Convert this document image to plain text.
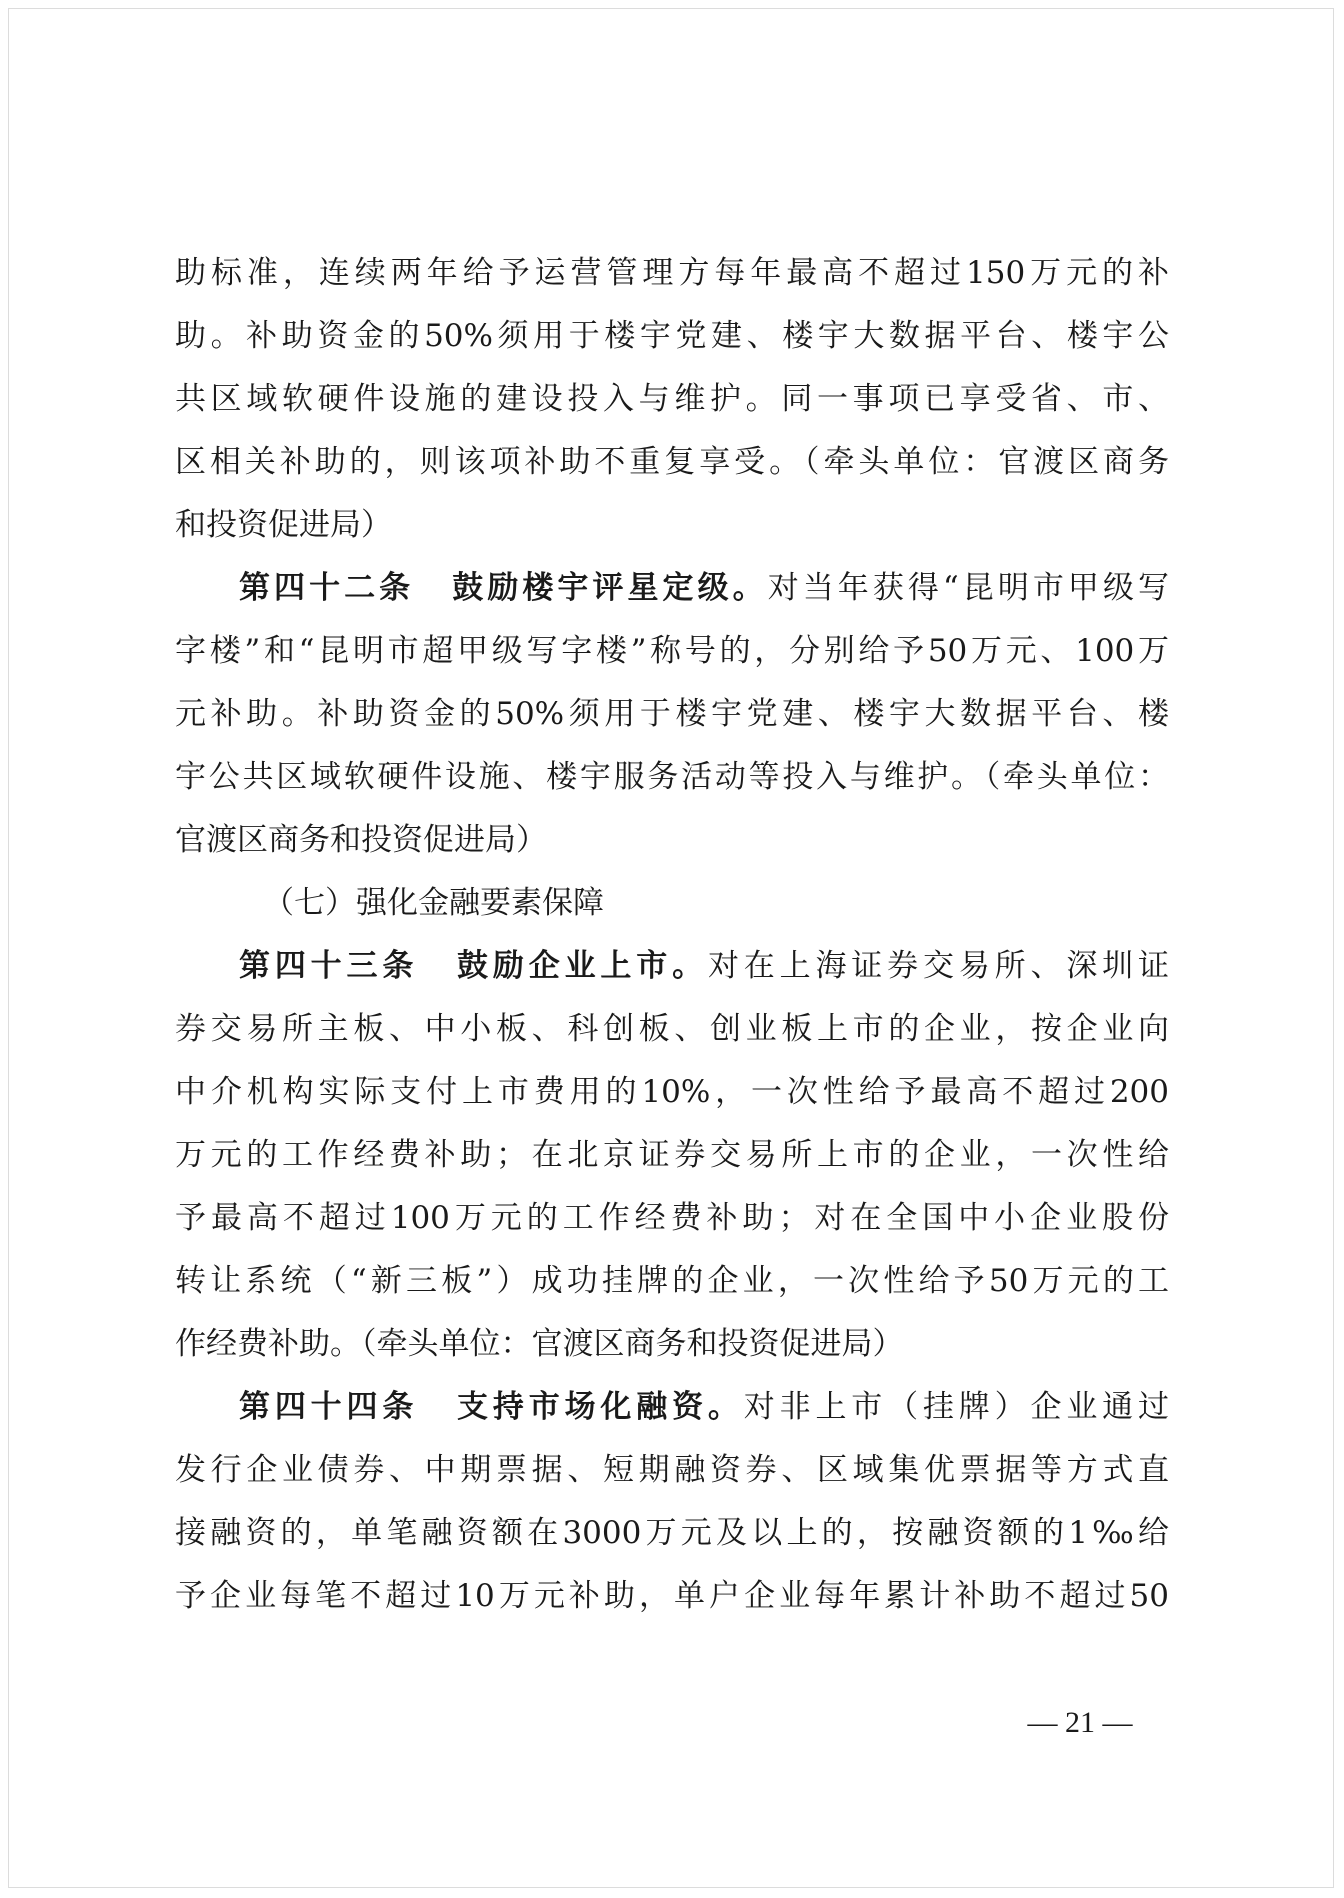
助标准，连续两年给予运营管理方每年最高不超过150万元的补
助。补助资金的50%须用于楼宇党建、楼宇大数据平台、楼宇公
共区域软硬件设施的建设投入与维护。同一事项已享受省、市、
区相关补助的，则该项补助不重复享受。（牵头单位：官渡区商务
和投资促进局）
第四十二条 鼓励楼宇评星定级。对当年获得“昆明市甲级写
字楼”和“昆明市超甲级写字楼”称号的，分别给予50万元、100万
元补助。补助资金的50%须用于楼宇党建、楼宇大数据平台、楼
宇公共区域软硬件设施、楼宇服务活动等投入与维护。（牵头单位：
官渡区商务和投资促进局）
（七）强化金融要素保障
第四十三条 鼓励企业上市。对在上海证券交易所、深圳证
券交易所主板、中小板、科创板、创业板上市的企业，按企业向
中介机构实际支付上市费用的10%，一次性给予最高不超过200
万元的工作经费补助；在北京证券交易所上市的企业，一次性给
予最高不超过100万元的工作经费补助；对在全国中小企业股份
转让系统（“新三板”）成功挂牌的企业，一次性给予50万元的工
作经费补助。（牵头单位：官渡区商务和投资促进局）
第四十四条 支持市场化融资。对非上市（挂牌）企业通过
发行企业债券、中期票据、短期融资券、区域集优票据等方式直
接融资的，单笔融资额在3000万元及以上的，按融资额的1‰给
予企业每笔不超过10万元补助，单户企业每年累计补助不超过50
— 21 —
